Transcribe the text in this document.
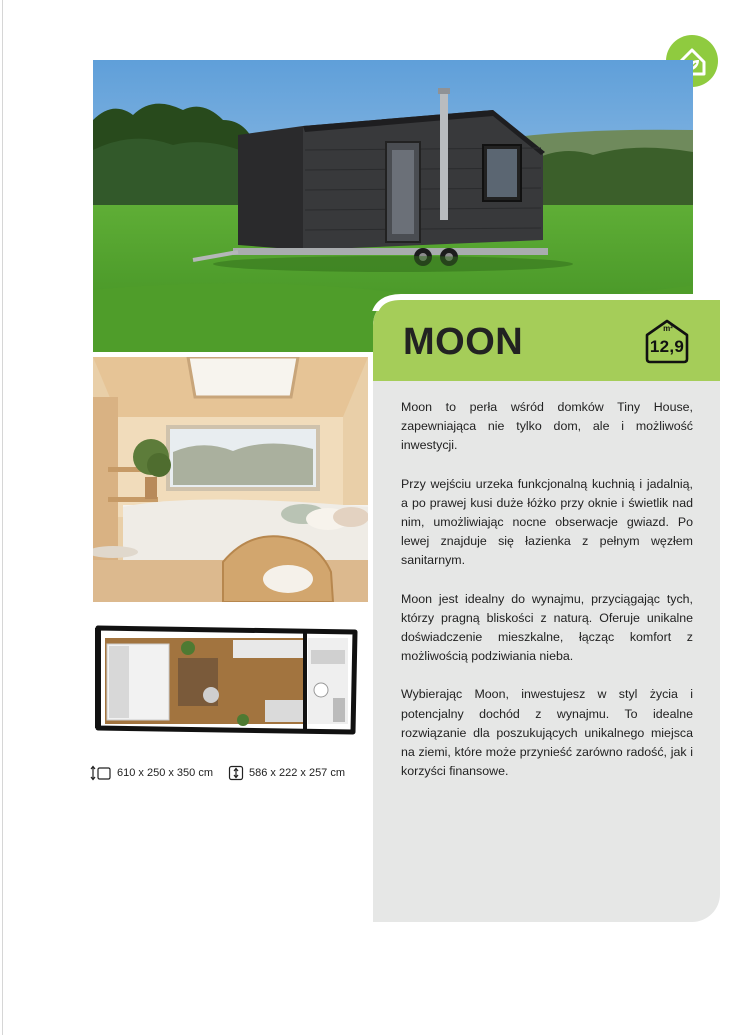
610 x 250 x 350 cm	586 x 222 x 257 cm
MOON	m²
12,9

Moon to perła wśród domków Tiny House, zapewniająca nie tylko dom, ale i możliwość inwestycji.

Przy wejściu urzeka funkcjonalną kuchnią i jadalnią, a po prawej kusi duże łóżko przy oknie i świetlik nad nim, umożliwiając nocne obserwacje gwiazd. Po lewej znajduje się łazienka z pełnym węzłem sanitarnym.

Moon jest idealny do wynajmu, przyciągając tych, którzy pragną bliskości z naturą. Oferuje unikalne doświadczenie mieszkalne, łącząc komfort z możliwością podziwiania nieba.

Wybierając Moon, inwestujesz w styl życia i potencjalny dochód z wynajmu. To idealne rozwiązanie dla poszukujących unikalnego miejsca na ziemi, które może przynieść zarówno radość, jak i korzyści finansowe.
